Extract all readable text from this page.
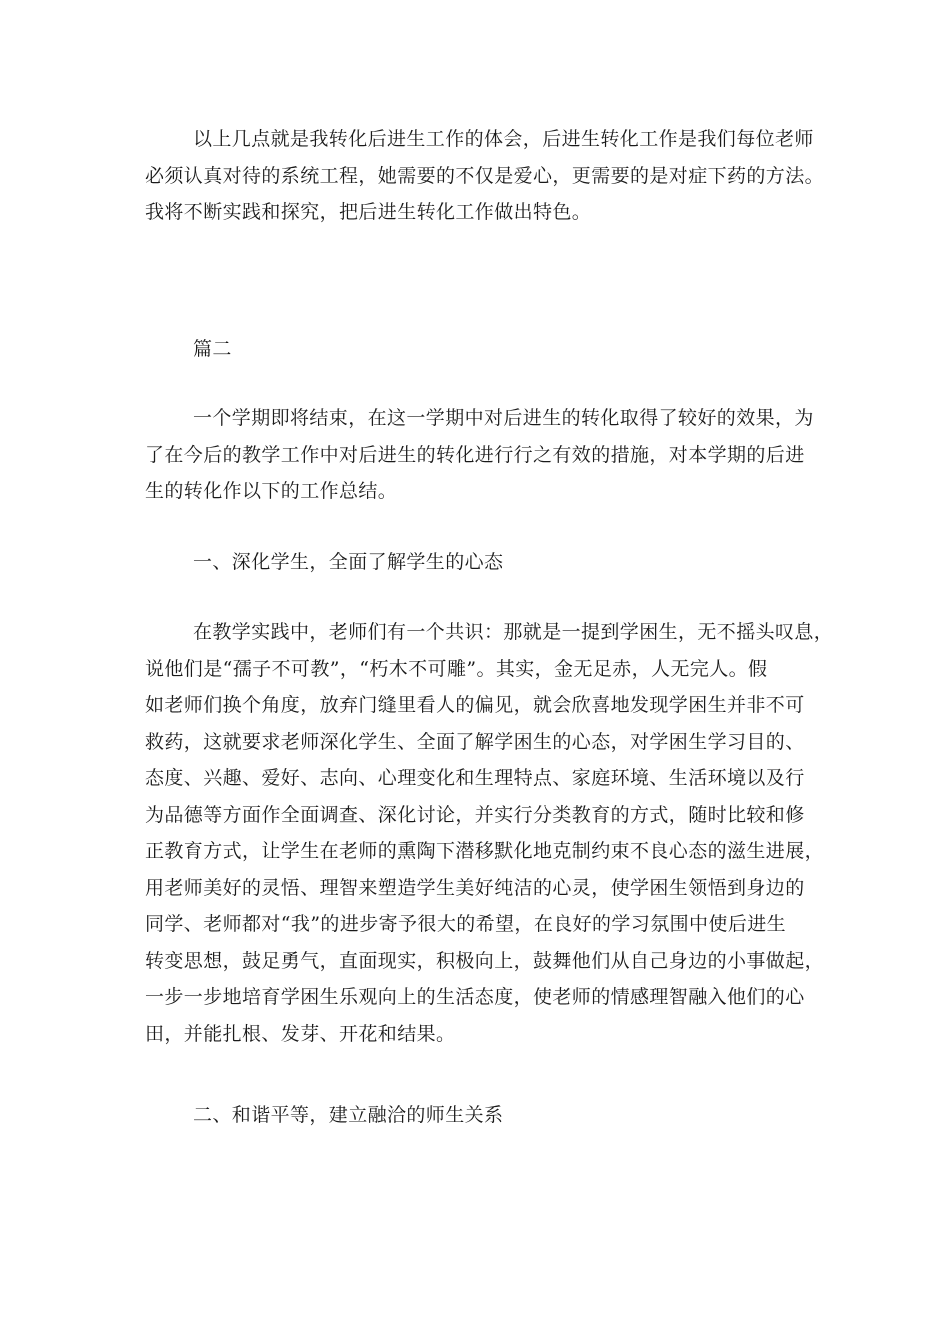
以上几点就是我转化后进生工作的体会，后进生转化工作是我们每位老师
必须认真对待的系统工程，她需要的不仅是爱心，更需要的是对症下药的方法。
我将不断实践和探究，把后进生转化工作做出特色。
篇二
一个学期即将结束，在这一学期中对后进生的转化取得了较好的效果，为
了在今后的教学工作中对后进生的转化进行行之有效的措施，对本学期的后进
生的转化作以下的工作总结。
一、深化学生，全面了解学生的心态
在教学实践中，老师们有一个共识：那就是一提到学困生，无不摇头叹息，
说他们是“孺子不可教”，“朽木不可雕”。其实，金无足赤，人无完人。假
如老师们换个角度，放弃门缝里看人的偏见，就会欣喜地发现学困生并非不可
救药，这就要求老师深化学生、全面了解学困生的心态，对学困生学习目的、
态度、兴趣、爱好、志向、心理变化和生理特点、家庭环境、生活环境以及行
为品德等方面作全面调查、深化讨论，并实行分类教育的方式，随时比较和修
正教育方式，让学生在老师的熏陶下潜移默化地克制约束不良心态的滋生进展，
用老师美好的灵悟、理智来塑造学生美好纯洁的心灵，使学困生领悟到身边的
同学、老师都对“我”的进步寄予很大的希望，在良好的学习氛围中使后进生
转变思想，鼓足勇气，直面现实，积极向上，鼓舞他们从自己身边的小事做起，
一步一步地培育学困生乐观向上的生活态度，使老师的情感理智融入他们的心
田，并能扎根、发芽、开花和结果。
二、和谐平等，建立融洽的师生关系
